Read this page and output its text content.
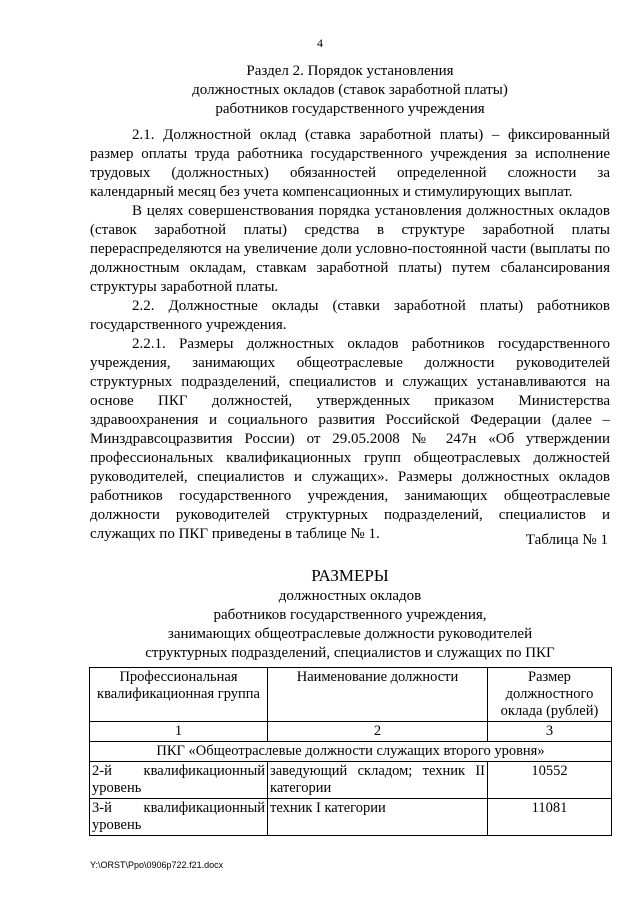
4
Раздел 2. Порядок установления
должностных окладов (ставок заработной платы)
работников государственного учреждения

2.1. Должностной оклад (ставка заработной платы) – фиксированный размер оплаты труда работника государственного учреждения за исполнение трудовых (должностных) обязанностей определенной сложности за календарный месяц без учета компенсационных и стимулирующих выплат.

В целях совершенствования порядка установления должностных окладов (ставок заработной платы) средства в структуре заработной платы перераспределяются на увеличение доли условно-постоянной части (выплаты по должностным окладам, ставкам заработной платы) путем сбалансирования структуры заработной платы.

2.2. Должностные оклады (ставки заработной платы) работников государственного учреждения.

2.2.1. Размеры должностных окладов работников государственного учреждения, занимающих общеотраслевые должности руководителей структурных подразделений, специалистов и служащих устанавливаются на основе ПКГ должностей, утвержденных приказом Министерства здравоохранения и социального развития Российской Федерации (далее – Минздравсоцразвития России) от 29.05.2008 № 247н «Об утверждении профессиональных квалификационных групп общеотраслевых должностей руководителей, специалистов и служащих». Размеры должностных окладов работников государственного учреждения, занимающих общеотраслевые должности руководителей структурных подразделений, специалистов и служащих по ПКГ приведены в таблице № 1.	Таблица № 1
РАЗМЕРЫ
должностных окладов
работников государственного учреждения,
занимающих общеотраслевые должности руководителей
структурных подразделений, специалистов и служащих по ПКГ
Профессиональная квалификационная группа	Наименование должности	Размер должностного оклада (рублей)
1	2	3
ПКГ «Общеотраслевые должности служащих второго уровня»		
2-й квалификационный уровень	заведующий складом; техник II категории	10552
3-й квалификационный уровень	техник I категории	11081
Y:\ORST\Ppo\0906p722.f21.docx
